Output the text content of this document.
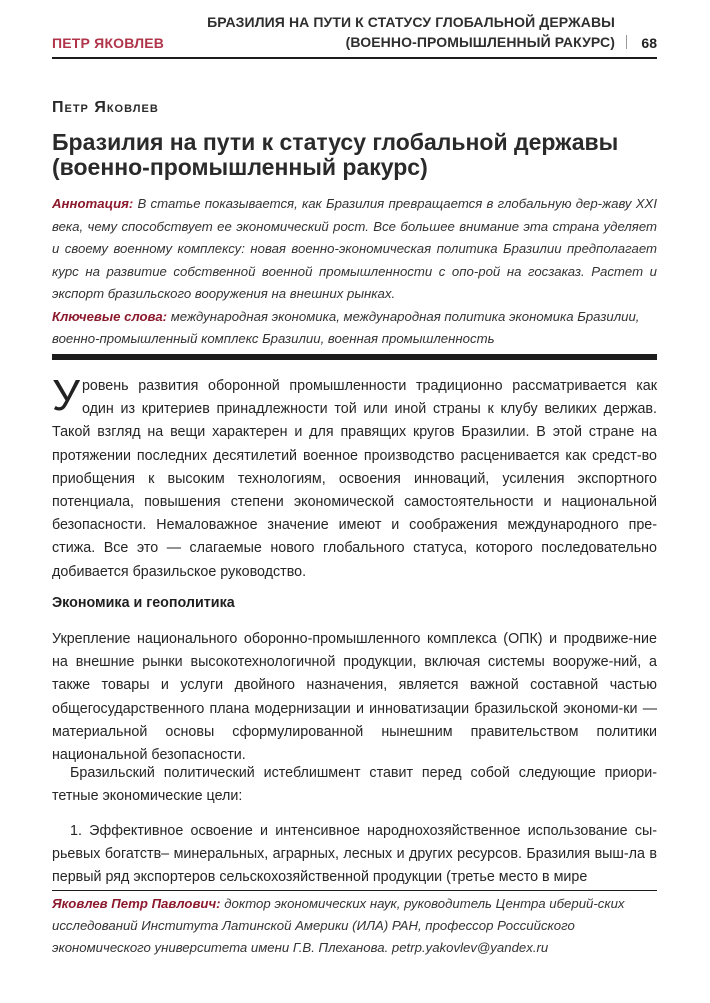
ПЕТР ЯКОВЛЕВ
БРАЗИЛИЯ НА ПУТИ К СТАТУСУ ГЛОБАЛЬНОЙ ДЕРЖАВЫ
(ВОЕННО-ПРОМЫШЛЕННЫЙ РАКУРС) 68
Петр Яковлев
Бразилия на пути к статусу глобальной державы
(военно-промышленный ракурс)
Аннотация: В статье показывается, как Бразилия превращается в глобальную дер-жаву XXI века, чему способствует ее экономический рост. Все большее внимание эта страна уделяет и своему военному комплексу: новая военно-экономическая политика Бразилии предполагает курс на развитие собственной военной промышленности с опо-рой на госзаказ. Растет и экспорт бразильского вооружения на внешних рынках.
Ключевые слова: международная экономика, международная политика экономика Бразилии, военно-промышленный комплекс Бразилии, военная промышленность
Уровень развития оборонной промышленности традиционно рассматривается как один из критериев принадлежности той или иной страны к клубу великих держав. Такой взгляд на вещи характерен и для правящих кругов Бразилии. В этой стране на протяжении последних десятилетий военное производство расценивается как средст-во приобщения к высоким технологиям, освоения инноваций, усиления экспортного потенциала, повышения степени экономической самостоятельности и национальной безопасности. Немаловажное значение имеют и соображения международного пре-стижа. Все это — слагаемые нового глобального статуса, которого последовательно добивается бразильское руководство.
Экономика и геополитика

Укрепление национального оборонно-промышленного комплекса (ОПК) и продвиже-ние на внешние рынки высокотехнологичной продукции, включая системы вооруже-ний, а также товары и услуги двойного назначения, является важной составной частью общегосударственного плана модернизации и инноватизации бразильской экономи-ки — материальной основы сформулированной нынешним правительством политики национальной безопасности.

Бразильский политический истеблишмент ставит перед собой следующие приори-тетные экономические цели:

1. Эффективное освоение и интенсивное народнохозяйственное использование сы-рьевых богатств– минеральных, аграрных, лесных и других ресурсов. Бразилия выш-ла в первый ряд экспортеров сельскохозяйственной продукции (третье место в мире

Яковлев Петр Павлович: доктор экономических наук, руководитель Центра иберий-ских исследований Института Латинской Америки (ИЛА) РАН, профессор Российского экономического университета имени Г.В. Плеханова. petrp.yakovlev@yandex.ru
